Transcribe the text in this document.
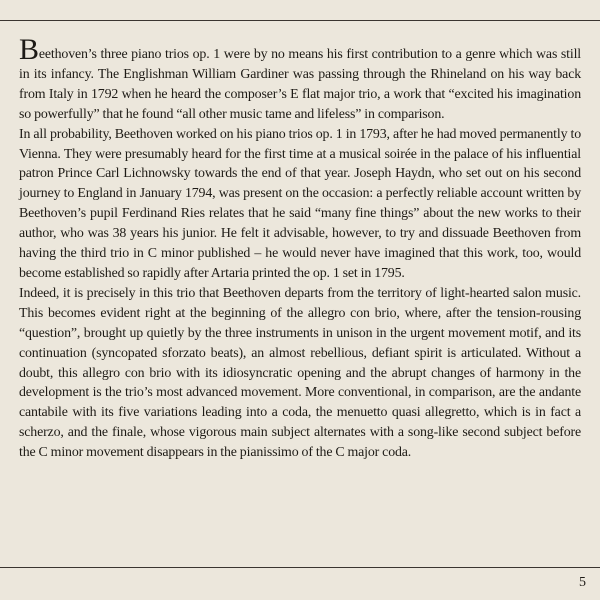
Beethoven’s three piano trios op. 1 were by no means his first contribution to a genre which was still in its infancy. The Englishman William Gardiner was passing through the Rhineland on his way back from Italy in 1792 when he heard the composer’s E flat major trio, a work that “excited his imagination so powerfully” that he found “all other music tame and lifeless” in comparison.

In all probability, Beethoven worked on his piano trios op. 1 in 1793, after he had moved permanently to Vienna. They were presumably heard for the first time at a musical soirée in the palace of his influential patron Prince Carl Lichnowsky towards the end of that year. Joseph Haydn, who set out on his second journey to England in January 1794, was present on the occasion: a perfectly reliable account written by Beethoven’s pupil Ferdinand Ries relates that he said “many fine things” about the new works to their author, who was 38 years his junior. He felt it advisable, however, to try and dissuade Beethoven from having the third trio in C minor published – he would never have imagined that this work, too, would become established so rapidly after Artaria printed the op. 1 set in 1795.

Indeed, it is precisely in this trio that Beethoven departs from the territory of light-hearted salon music. This becomes evident right at the beginning of the allegro con brio, where, after the tension-rousing “question”, brought up quietly by the three instruments in unison in the urgent movement motif, and its continuation (syncopated sforzato beats), an almost rebellious, defiant spirit is articulated. Without a doubt, this allegro con brio with its idiosyncratic opening and the abrupt changes of harmony in the development is the trio’s most advanced movement. More conventional, in comparison, are the andante cantabile with its five variations leading into a coda, the menuetto quasi allegretto, which is in fact a scherzo, and the finale, whose vigorous main subject alternates with a song-like second subject before the C minor movement disappears in the pianissimo of the C major coda.

5
